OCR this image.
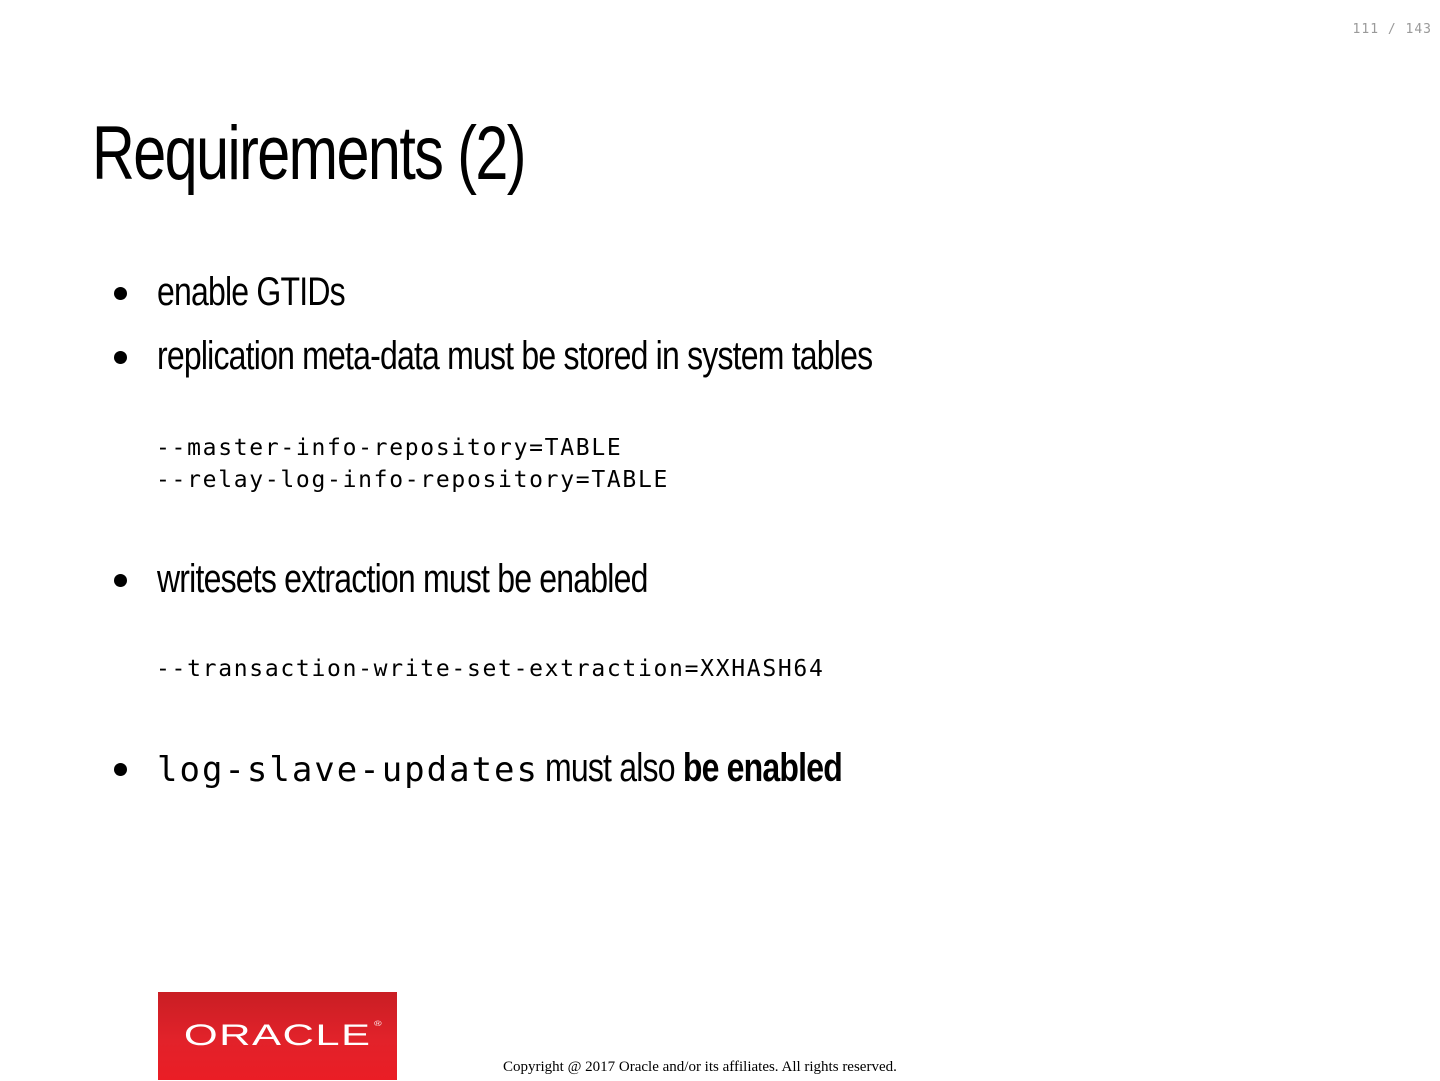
111 / 143
Requirements (2)
enable GTIDs
replication meta-data must be stored in system tables
writesets extraction must be enabled
log-slave-updates must also be enabled
--master-info-repository=TABLE
--relay-log-info-repository=TABLE
--transaction-write-set-extraction=XXHASH64
ORACLE ®
Copyright @ 2017 Oracle and/or its affiliates. All rights reserved.
